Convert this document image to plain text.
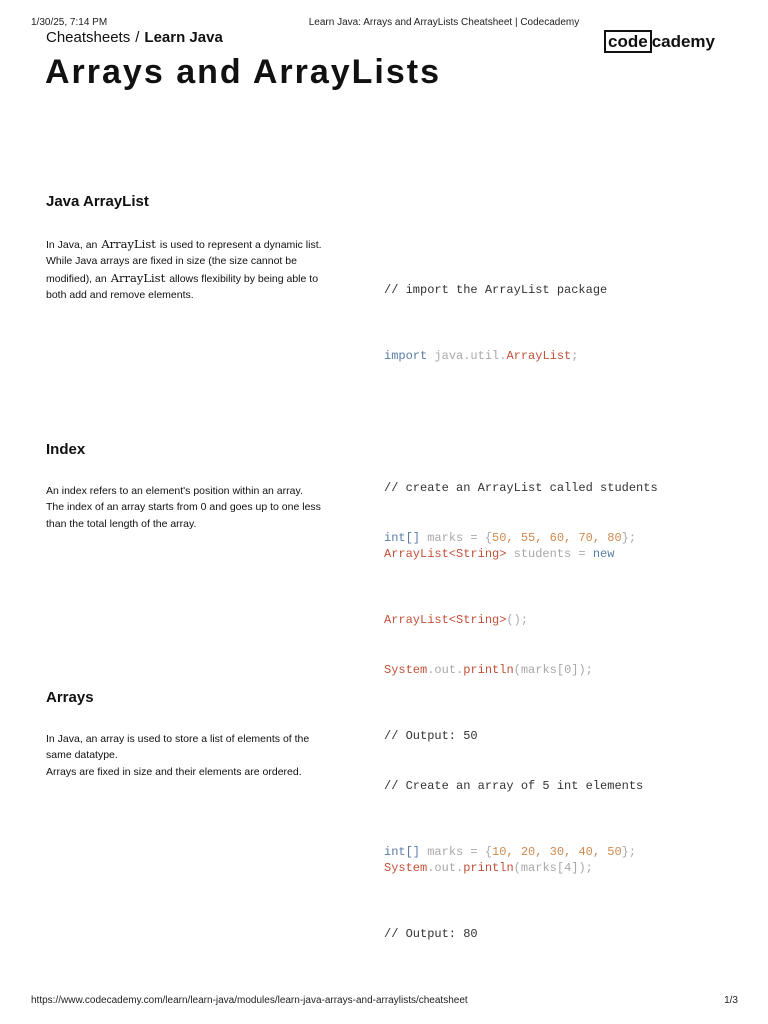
1/30/25, 7:14 PM	Learn Java: Arrays and ArrayLists Cheatsheet | Codecademy
https://www.codecademy.com/learn/learn-java/modules/learn-java-arrays-and-arraylists/cheatsheet	1/3
Cheatsheets / Learn Java	code cademy
Arrays and ArrayLists
Java ArrayList

In Java, an ArrayList is used to represent a dynamic list.

While Java arrays are fixed in size (the size cannot be modified), an ArrayList allows flexibility by being able to both add and remove elements.

	// import the ArrayList package

import java.util.ArrayList;

// create an ArrayList called students

ArrayList<String> students = new

ArrayList<String>();

Index

An index refers to an element's position within an array.

The index of an array starts from 0 and goes up to one less than the total length of the array.

int[] marks = {50, 55, 60, 70, 80};

System.out.println(marks[0]);

// Output: 50

System.out.println(marks[4]);

// Output: 80

Arrays

In Java, an array is used to store a list of elements of the same datatype.

Arrays are fixed in size and their elements are ordered.

// Create an array of 5 int elements

int[] marks = {10, 20, 30, 40, 50};
